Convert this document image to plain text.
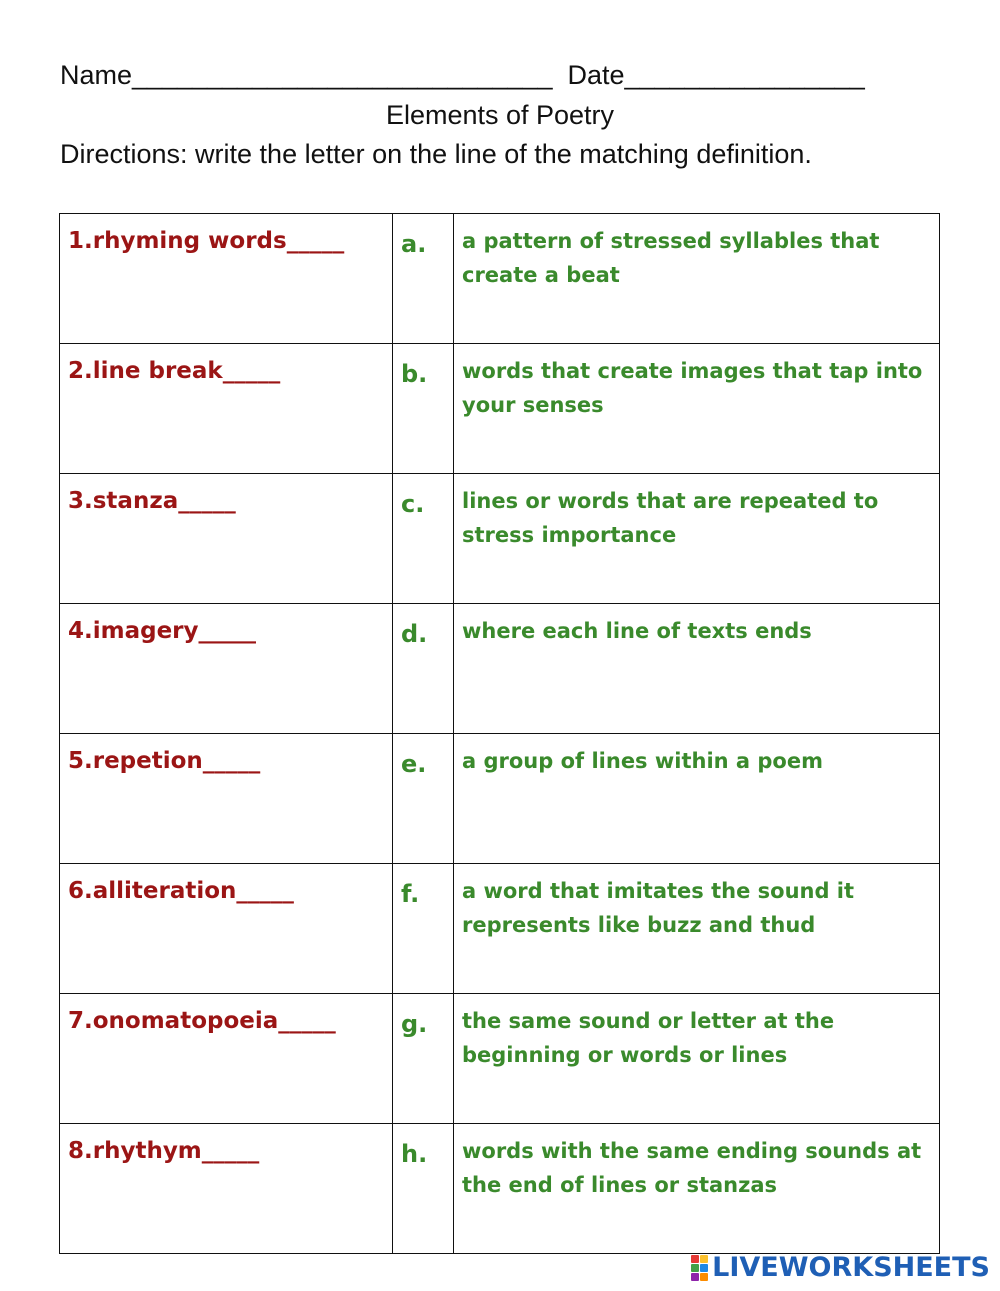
Name____________________________ Date________________
Elements of Poetry
Directions: write the letter on the line of the matching definition.
1.rhyming words_____	a.	a pattern of stressed syllables that create a beat
2.line break_____	b.	words that create images that tap into your senses
3.stanza_____	c.	lines or words that are repeated to stress importance
4.imagery_____	d.	where each line of texts ends
5.repetion_____	e.	a group of lines within a poem
6.alliteration_____	f.	a word that imitates the sound it represents like buzz and thud
7.onomatopoeia_____	g.	the same sound or letter at the beginning or words or lines
8.rhythym_____	h.	words with the same ending sounds at the end of lines or stanzas
LIVEWORKSHEETS
